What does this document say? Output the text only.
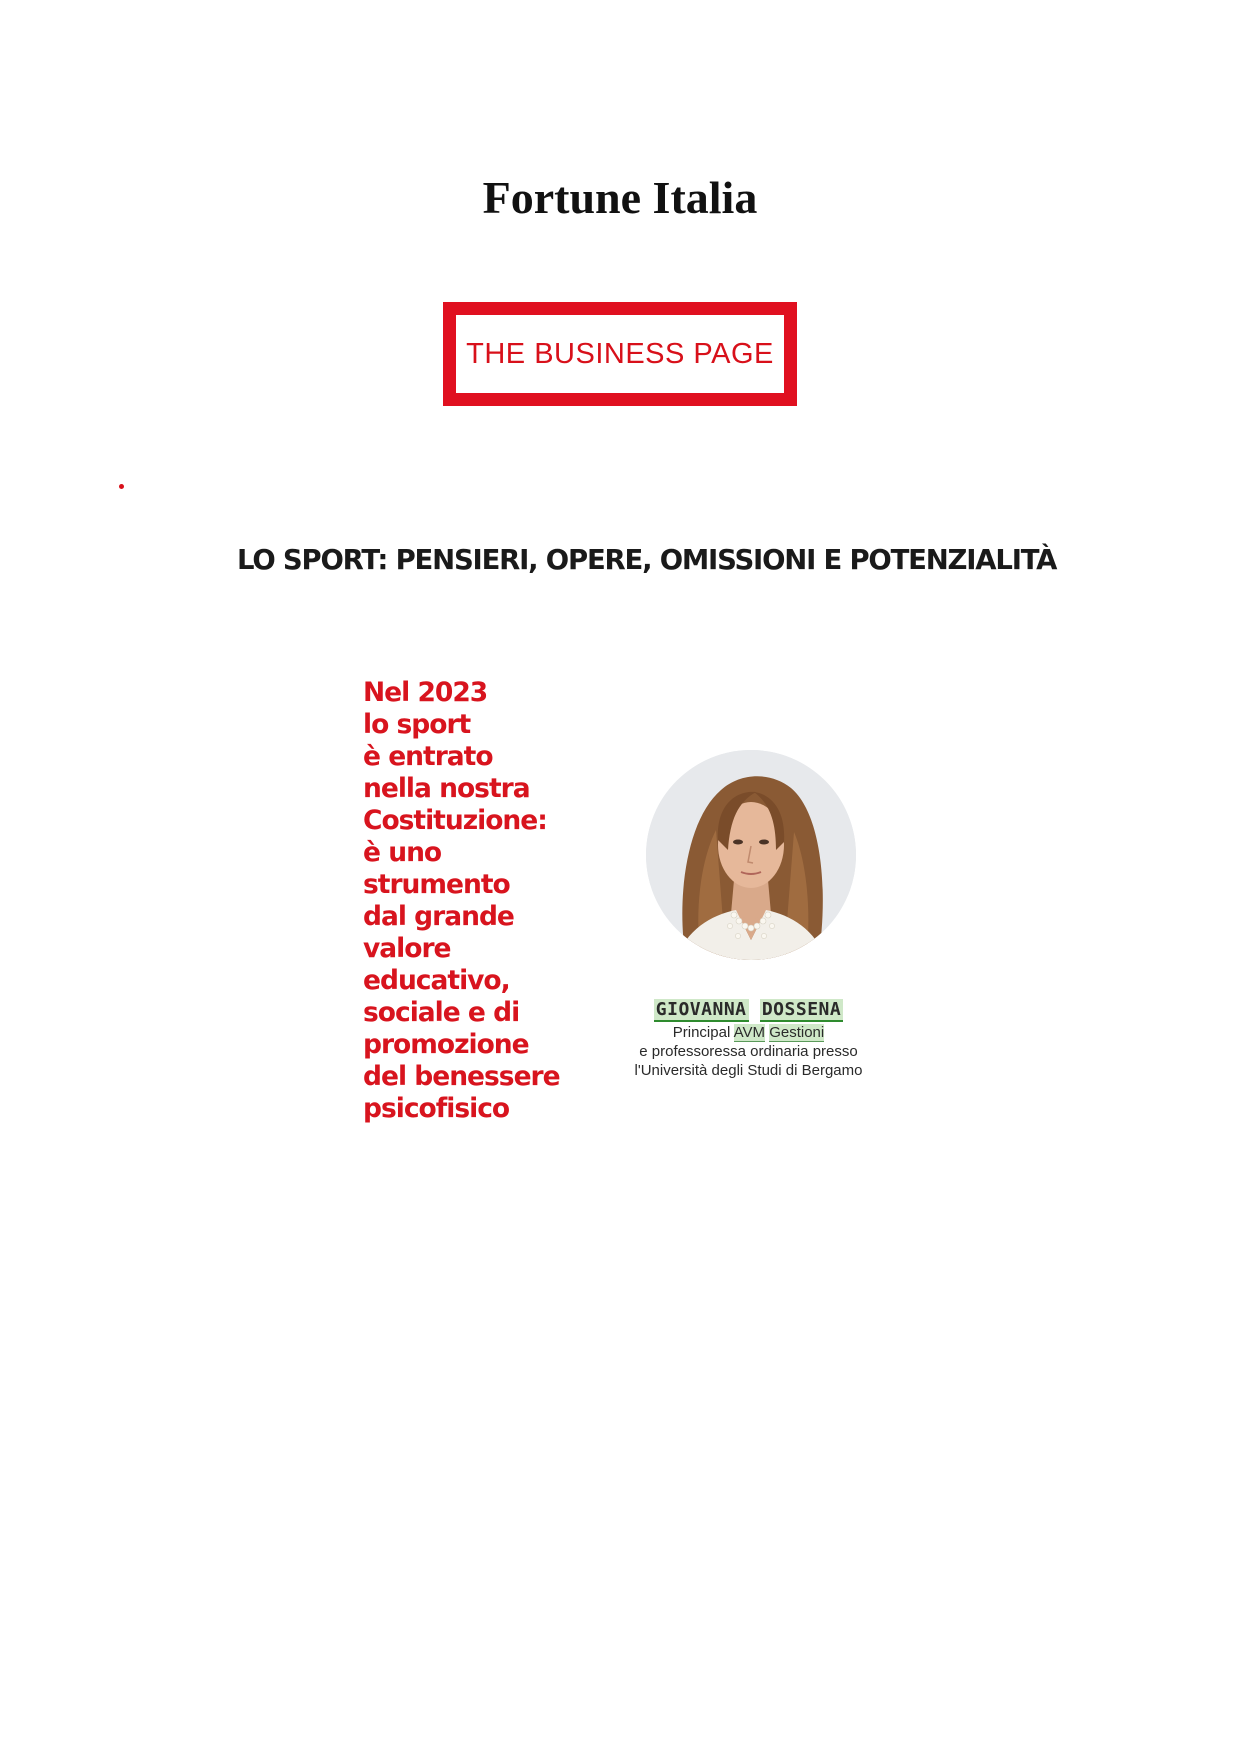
Fortune Italia
THE BUSINESS PAGE
LO SPORT: PENSIERI, OPERE, OMISSIONI E POTENZIALITÀ
Nel 2023
lo sport
è entrato
nella nostra
Costituzione:
è uno
strumento
dal grande
valore
educativo,
sociale e di
promozione
del benessere
psicofisico
GIOVANNA DOSSENA
Principal AVM Gestioni
e professoressa ordinaria presso
l'Università degli Studi di Bergamo
